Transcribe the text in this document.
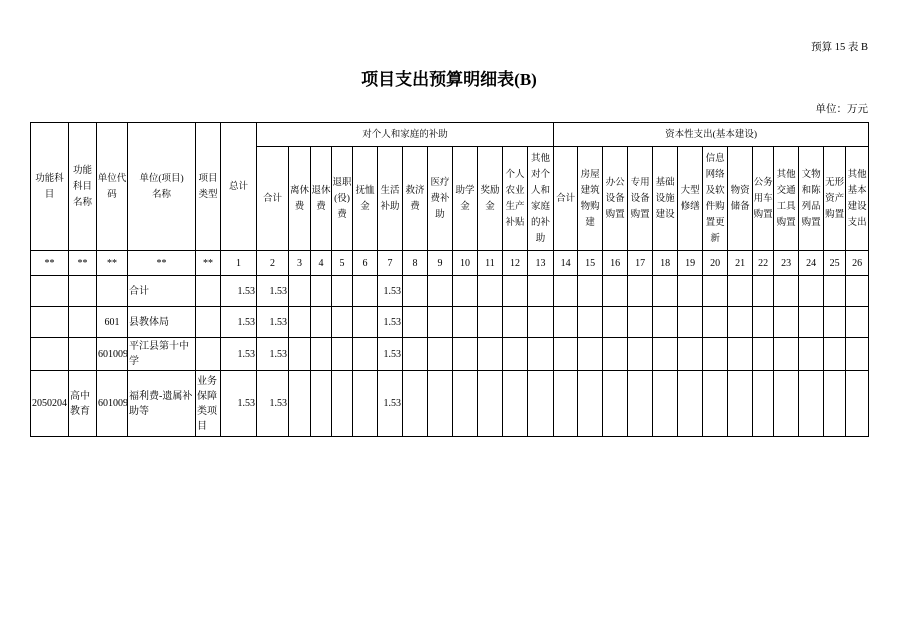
预算 15 表 B
项目支出预算明细表(B)
单位：万元
功能科目	功能科目名称	单位代码	单位(项目)名称	项目类型	总计	对个人和家庭的补助												资本性支出(基本建设)												
						合计	离休费	退休费	退职(役)费	抚恤金	生活补助	救济费	医疗费补助	助学金	奖励金	个人农业生产补贴	其他对个人和家庭的补助	合计	房屋建筑物购建	办公设备购置	专用设备购置	基础设施建设	大型修缮	信息网络及软件购置更新	物资储备	公务用车购置	其他交通工具购置	文物和陈列品购置	无形资产购置	其他基本建设支出
**	**	**	**	**	1	2	3	4	5	6	7	8	9	10	11	12	13	14	15	16	17	18	19	20	21	22	23	24	25	26
			合计		1.53	1.53					1.53																			
		601	县教体局		1.53	1.53					1.53																			
		601009	平江县第十中学		1.53	1.53					1.53																			
2050204	高中教育	601009	福利费-遗属补助等	业务保障类项目	1.53	1.53					1.53																			
